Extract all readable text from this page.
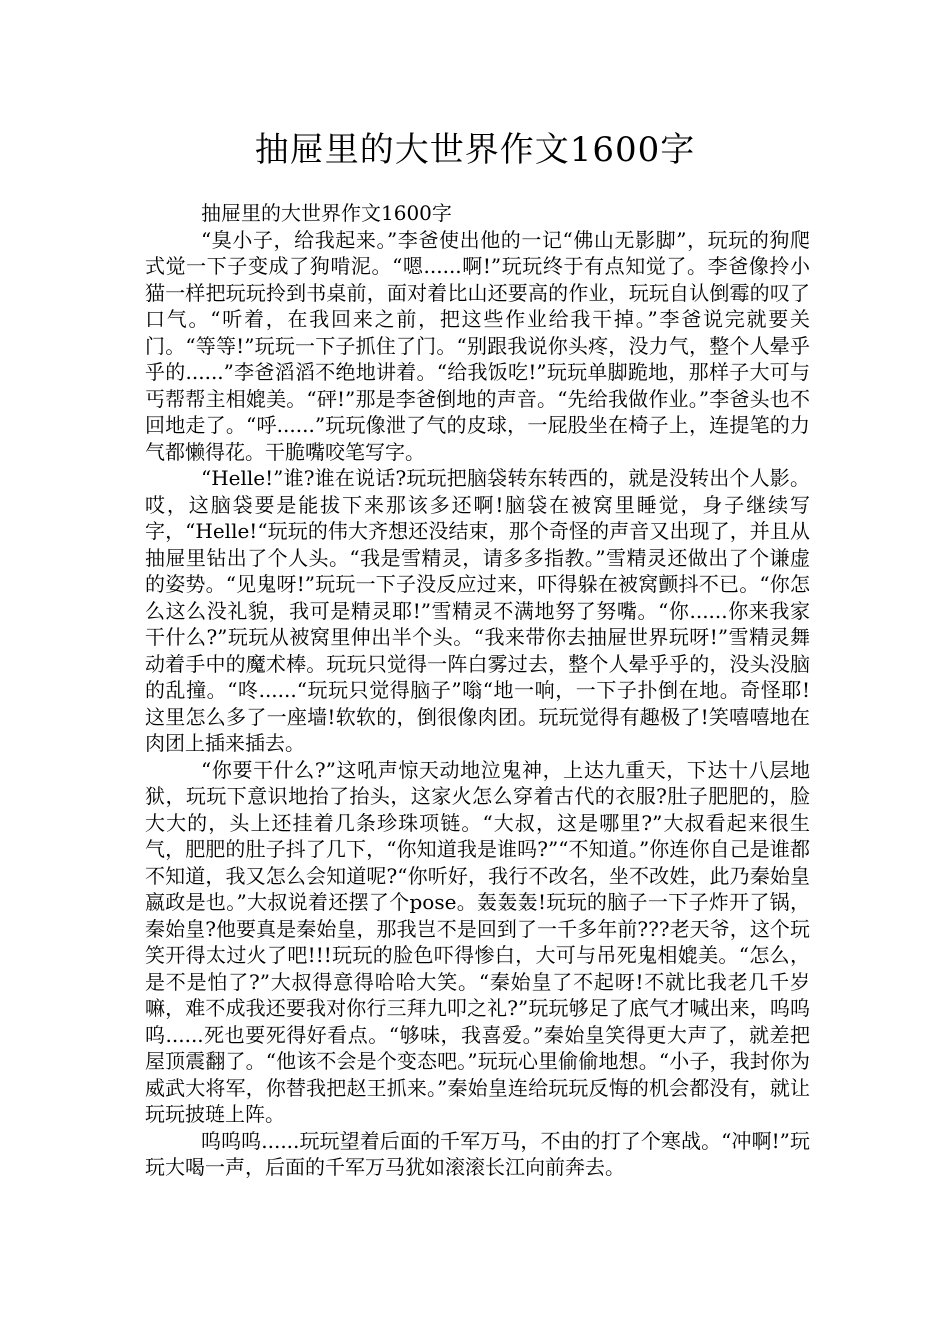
抽屉里的大世界作文1600字

抽屉里的大世界作文1600字

“臭小子，给我起来。”李爸使出他的一记“佛山无影脚”，玩玩的狗爬式觉一下子变成了狗啃泥。“嗯......啊!”玩玩终于有点知觉了。李爸像拎小猫一样把玩玩拎到书桌前，面对着比山还要高的作业，玩玩自认倒霉的叹了口气。“听着，在我回来之前，把这些作业给我干掉。”李爸说完就要关门。“等等!”玩玩一下子抓住了门。“别跟我说你头疼，没力气，整个人晕乎乎的......”李爸滔滔不绝地讲着。“给我饭吃!”玩玩单脚跪地，那样子大可与丐帮帮主相媲美。“砰!”那是李爸倒地的声音。“先给我做作业。”李爸头也不回地走了。“呼......”玩玩像泄了气的皮球，一屁股坐在椅子上，连提笔的力气都懒得花。干脆嘴咬笔写字。

“Helle!”谁?谁在说话?玩玩把脑袋转东转西的，就是没转出个人影。哎，这脑袋要是能拔下来那该多还啊!脑袋在被窝里睡觉，身子继续写字，“Helle!“玩玩的伟大齐想还没结束，那个奇怪的声音又出现了，并且从抽屉里钻出了个人头。“我是雪精灵，请多多指教。”雪精灵还做出了个谦虚的姿势。“见鬼呀!”玩玩一下子没反应过来，吓得躲在被窝颤抖不已。“你怎么这么没礼貌，我可是精灵耶!”雪精灵不满地努了努嘴。“你......你来我家干什么?”玩玩从被窝里伸出半个头。“我来带你去抽屉世界玩呀!”雪精灵舞动着手中的魔术棒。玩玩只觉得一阵白雾过去，整个人晕乎乎的，没头没脑的乱撞。“咚......“玩玩只觉得脑子”嗡“地一响，一下子扑倒在地。奇怪耶!这里怎么多了一座墙!软软的，倒很像肉团。玩玩觉得有趣极了!笑嘻嘻地在肉团上插来插去。

“你要干什么?”这吼声惊天动地泣鬼神，上达九重天，下达十八层地狱，玩玩下意识地抬了抬头，这家火怎么穿着古代的衣服?肚子肥肥的，脸大大的，头上还挂着几条珍珠项链。“大叔，这是哪里?”大叔看起来很生气，肥肥的肚子抖了几下，“你知道我是谁吗?”“不知道。”你连你自己是谁都不知道，我又怎么会知道呢?“你听好，我行不改名，坐不改姓，此乃秦始皇嬴政是也。”大叔说着还摆了个pose。轰轰轰!玩玩的脑子一下子炸开了锅，秦始皇?他要真是秦始皇，那我岂不是回到了一千多年前???老天爷，这个玩笑开得太过火了吧!!!玩玩的脸色吓得惨白，大可与吊死鬼相媲美。“怎么，是不是怕了?”大叔得意得哈哈大笑。“秦始皇了不起呀!不就比我老几千岁嘛，难不成我还要我对你行三拜九叩之礼?”玩玩够足了底气才喊出来，呜呜呜......死也要死得好看点。“够味，我喜爱。”秦始皇笑得更大声了，就差把屋顶震翻了。“他该不会是个变态吧。”玩玩心里偷偷地想。“小子，我封你为威武大将军，你替我把赵王抓来。”秦始皇连给玩玩反悔的机会都没有，就让玩玩披琏上阵。

呜呜呜......玩玩望着后面的千军万马，不由的打了个寒战。“冲啊!”玩玩大喝一声，后面的千军万马犹如滚滚长江向前奔去。
